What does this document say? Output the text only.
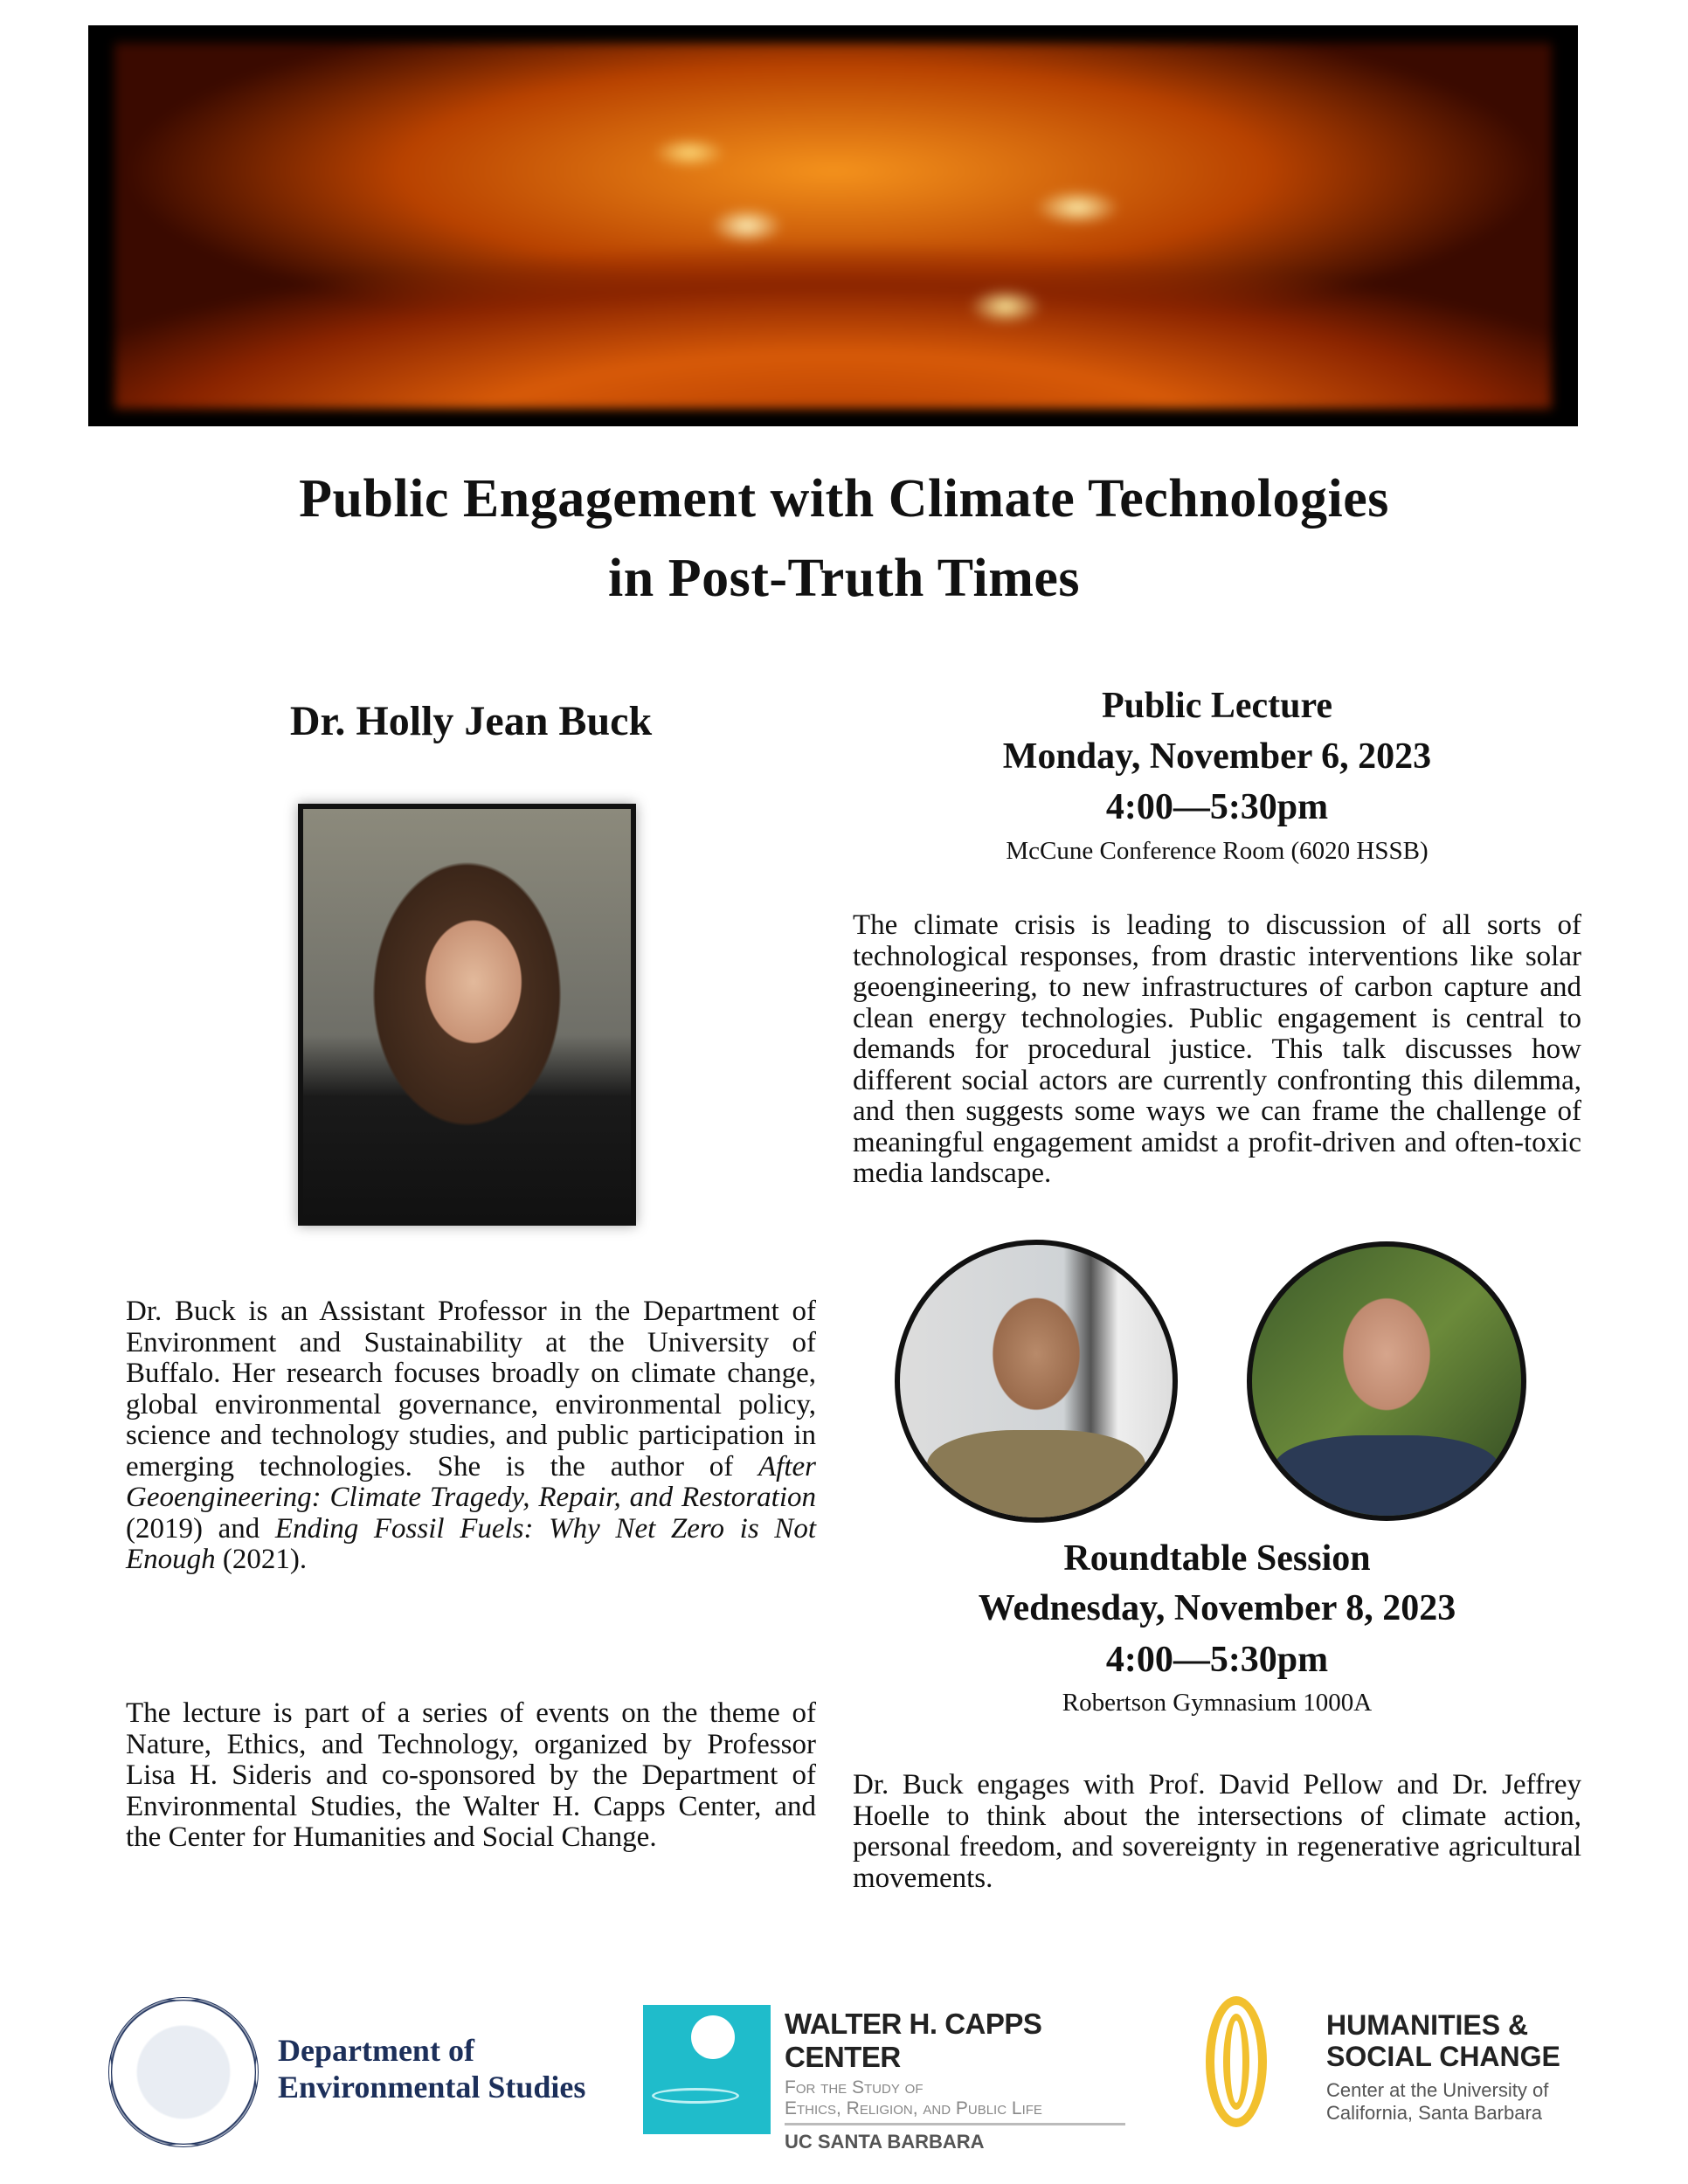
Public Engagement with Climate Technologies
in Post-Truth Times
Dr. Holly Jean Buck
Dr. Buck is an Assistant Professor in the Department of Environment and Sustainability at the University of Buffalo. Her research focuses broadly on climate change, global environmental governance, environmental policy, science and technology studies, and public participation in emerging technologies. She is the author of After Geoengineering: Climate Tragedy, Repair, and Restoration (2019) and Ending Fossil Fuels: Why Net Zero is Not Enough (2021).
The lecture is part of a series of events on the theme of Nature, Ethics, and Technology, organized by Professor Lisa H. Sideris and co-sponsored by the Department of Environmental Studies, the Walter H. Capps Center, and the Center for Humanities and Social Change.
Public Lecture
Monday, November 6, 2023
4:00—5:30pm
McCune Conference Room (6020 HSSB)
The climate crisis is leading to discussion of all sorts of technological responses, from drastic interventions like solar geoengineering, to new infrastructures of carbon capture and clean energy technologies. Public engagement is central to demands for procedural justice. This talk discusses how different social actors are currently confronting this dilemma, and then suggests some ways we can frame the challenge of meaningful engagement amidst a profit-driven and often-toxic media landscape.
Roundtable Session
Wednesday, November 8, 2023
4:00—5:30pm
Robertson Gymnasium 1000A
Dr. Buck engages with Prof. David Pellow and Dr. Jeffrey Hoelle to think about the intersections of climate action, personal freedom, and sovereignty in regenerative agricultural movements.
Department of
Environmental Studies
WALTER H. CAPPS CENTER
For the Study of
Ethics, Religion, and Public Life
UC SANTA BARBARA
HUMANITIES &
SOCIAL CHANGE
Center at the University of
California, Santa Barbara
